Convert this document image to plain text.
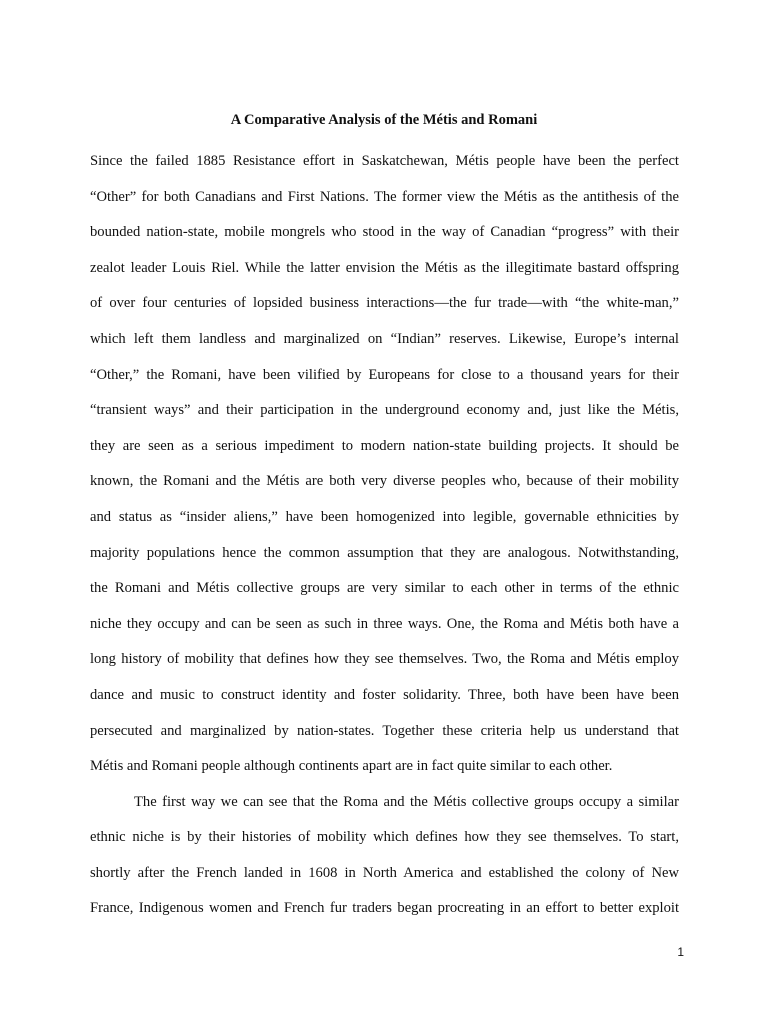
A Comparative Analysis of the Métis and Romani

Since the failed 1885 Resistance effort in Saskatchewan, Métis people have been the perfect
“Other” for both Canadians and First Nations. The former view the Métis as the antithesis of the
bounded nation-state, mobile mongrels who stood in the way of Canadian “progress” with their
zealot leader Louis Riel. While the latter envision the Métis as the illegitimate bastard offspring
of over four centuries of lopsided business interactions—the fur trade—with “the white-man,”
which left them landless and marginalized on “Indian” reserves. Likewise, Europe’s internal
“Other,” the Romani, have been vilified by Europeans for close to a thousand years for their
“transient ways” and their participation in the underground economy and, just like the Métis,
they are seen as a serious impediment to modern nation-state building projects. It should be
known, the Romani and the Métis are both very diverse peoples who, because of their mobility
and status as “insider aliens,” have been homogenized into legible, governable ethnicities by
majority populations hence the common assumption that they are analogous. Notwithstanding,
the Romani and Métis collective groups are very similar to each other in terms of the ethnic
niche they occupy and can be seen as such in three ways. One, the Roma and Métis both have a
long history of mobility that defines how they see themselves. Two, the Roma and Métis employ
dance and music to construct identity and foster solidarity. Three, both have been have been
persecuted and marginalized by nation-states. Together these criteria help us understand that
Métis and Romani people although continents apart are in fact quite similar to each other.

The first way we can see that the Roma and the Métis collective groups occupy a similar
ethnic niche is by their histories of mobility which defines how they see themselves. To start,
shortly after the French landed in 1608 in North America and established the colony of New
France, Indigenous women and French fur traders began procreating in an effort to better exploit

1
